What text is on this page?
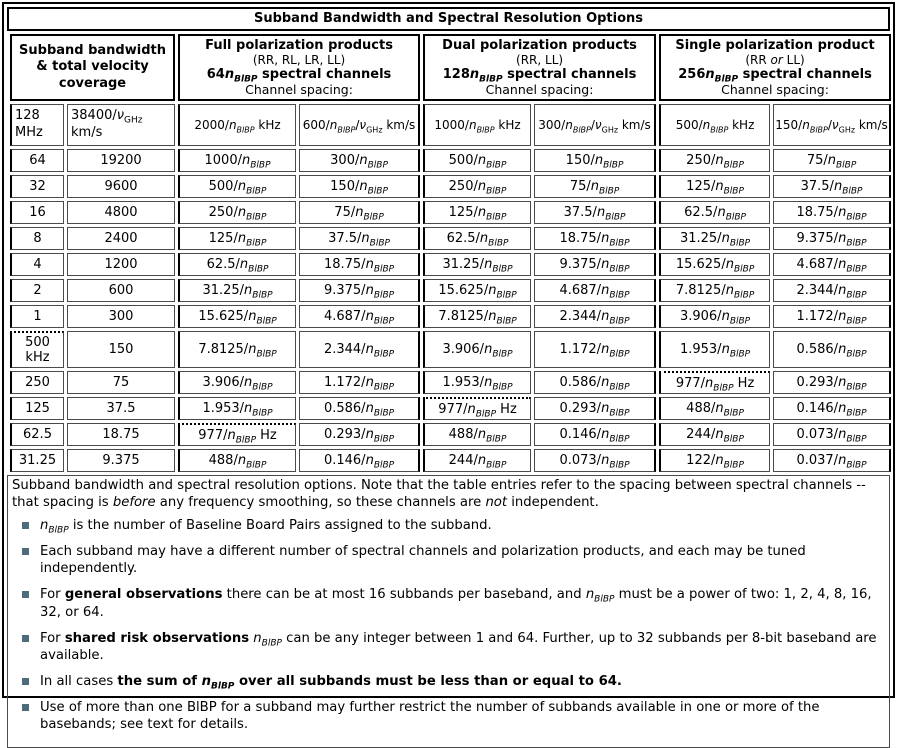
Subband Bandwidth and Spectral Resolution Options
Subband bandwidth & total velocity coverage	
Full polarization products
(RR, RL, LR, LL)
$64n_{BlBP}$ spectral channels
Channel spacing:

Dual polarization products
(RR, LL)
$128n_{BlBP}$ spectral channels
Channel spacing:

Single polarization product
(RR or LL)
$256n_{BlBP}$ spectral channels
Channel spacing:

128 MHz	$38400/\nu_{GHz}$ km/s	$2000/n_{BlBP}$ kHz	$600/n_{BlBP}/\nu_{GHz}$ km/s	$1000/n_{BlBP}$ kHz	$300/n_{BlBP}/\nu_{GHz}$ km/s	$500/n_{BlBP}$ kHz	$150/n_{BlBP}/\nu_{GHz}$ km/s
64	19200	$1000/n_{BlBP}$	$300/n_{BlBP}$	$500/n_{BlBP}$	$150/n_{BlBP}$	$250/n_{BlBP}$	$75/n_{BlBP}$
32	9600	$500/n_{BlBP}$	$150/n_{BlBP}$	$250/n_{BlBP}$	$75/n_{BlBP}$	$125/n_{BlBP}$	$37.5/n_{BlBP}$
16	4800	$250/n_{BlBP}$	$75/n_{BlBP}$	$125/n_{BlBP}$	$37.5/n_{BlBP}$	$62.5/n_{BlBP}$	$18.75/n_{BlBP}$
8	2400	$125/n_{BlBP}$	$37.5/n_{BlBP}$	$62.5/n_{BlBP}$	$18.75/n_{BlBP}$	$31.25/n_{BlBP}$	$9.375/n_{BlBP}$
4	1200	$62.5/n_{BlBP}$	$18.75/n_{BlBP}$	$31.25/n_{BlBP}$	$9.375/n_{BlBP}$	$15.625/n_{BlBP}$	$4.687/n_{BlBP}$
2	600	$31.25/n_{BlBP}$	$9.375/n_{BlBP}$	$15.625/n_{BlBP}$	$4.687/n_{BlBP}$	$7.8125/n_{BlBP}$	$2.344/n_{BlBP}$
1	300	$15.625/n_{BlBP}$	$4.687/n_{BlBP}$	$7.8125/n_{BlBP}$	$2.344/n_{BlBP}$	$3.906/n_{BlBP}$	$1.172/n_{BlBP}$
500 kHz	150	$7.8125/n_{BlBP}$	$2.344/n_{BlBP}$	$3.906/n_{BlBP}$	$1.172/n_{BlBP}$	$1.953/n_{BlBP}$	$0.586/n_{BlBP}$
250	75	$3.906/n_{BlBP}$	$1.172/n_{BlBP}$	$1.953/n_{BlBP}$	$0.586/n_{BlBP}$	$977/n_{BlBP}$ Hz	$0.293/n_{BlBP}$
125	37.5	$1.953/n_{BlBP}$	$0.586/n_{BlBP}$	$977/n_{BlBP}$ Hz	$0.293/n_{BlBP}$	$488/n_{BlBP}$	$0.146/n_{BlBP}$
62.5	18.75	$977/n_{BlBP}$ Hz	$0.293/n_{BlBP}$	$488/n_{BlBP}$	$0.146/n_{BlBP}$	$244/n_{BlBP}$	$0.073/n_{BlBP}$
31.25	9.375	$488/n_{BlBP}$	$0.146/n_{BlBP}$	$244/n_{BlBP}$	$0.073/n_{BlBP}$	$122/n_{BlBP}$	$0.037/n_{BlBP}$

Subband bandwidth and spectral resolution options. Note that the table entries refer to the spacing between spectral channels -- that spacing is before any frequency smoothing, so these channels are not independent.

$n_{BlBP}$ is the number of Baseline Board Pairs assigned to the subband.
Each subband may have a different number of spectral channels and polarization products, and each may be tuned independently.
For general observations there can be at most 16 subbands per baseband, and $n_{BlBP}$ must be a power of two: 1, 2, 4, 8, 16, 32, or 64.
For shared risk observations $n_{BlBP}$ can be any integer between 1 and 64. Further, up to 32 subbands per 8-bit baseband are available.
In all cases the sum of $n_{BlBP}$ over all subbands must be less than or equal to 64.
Use of more than one BlBP for a subband may further restrict the number of subbands available in one or more of the basebands; see text for details.
